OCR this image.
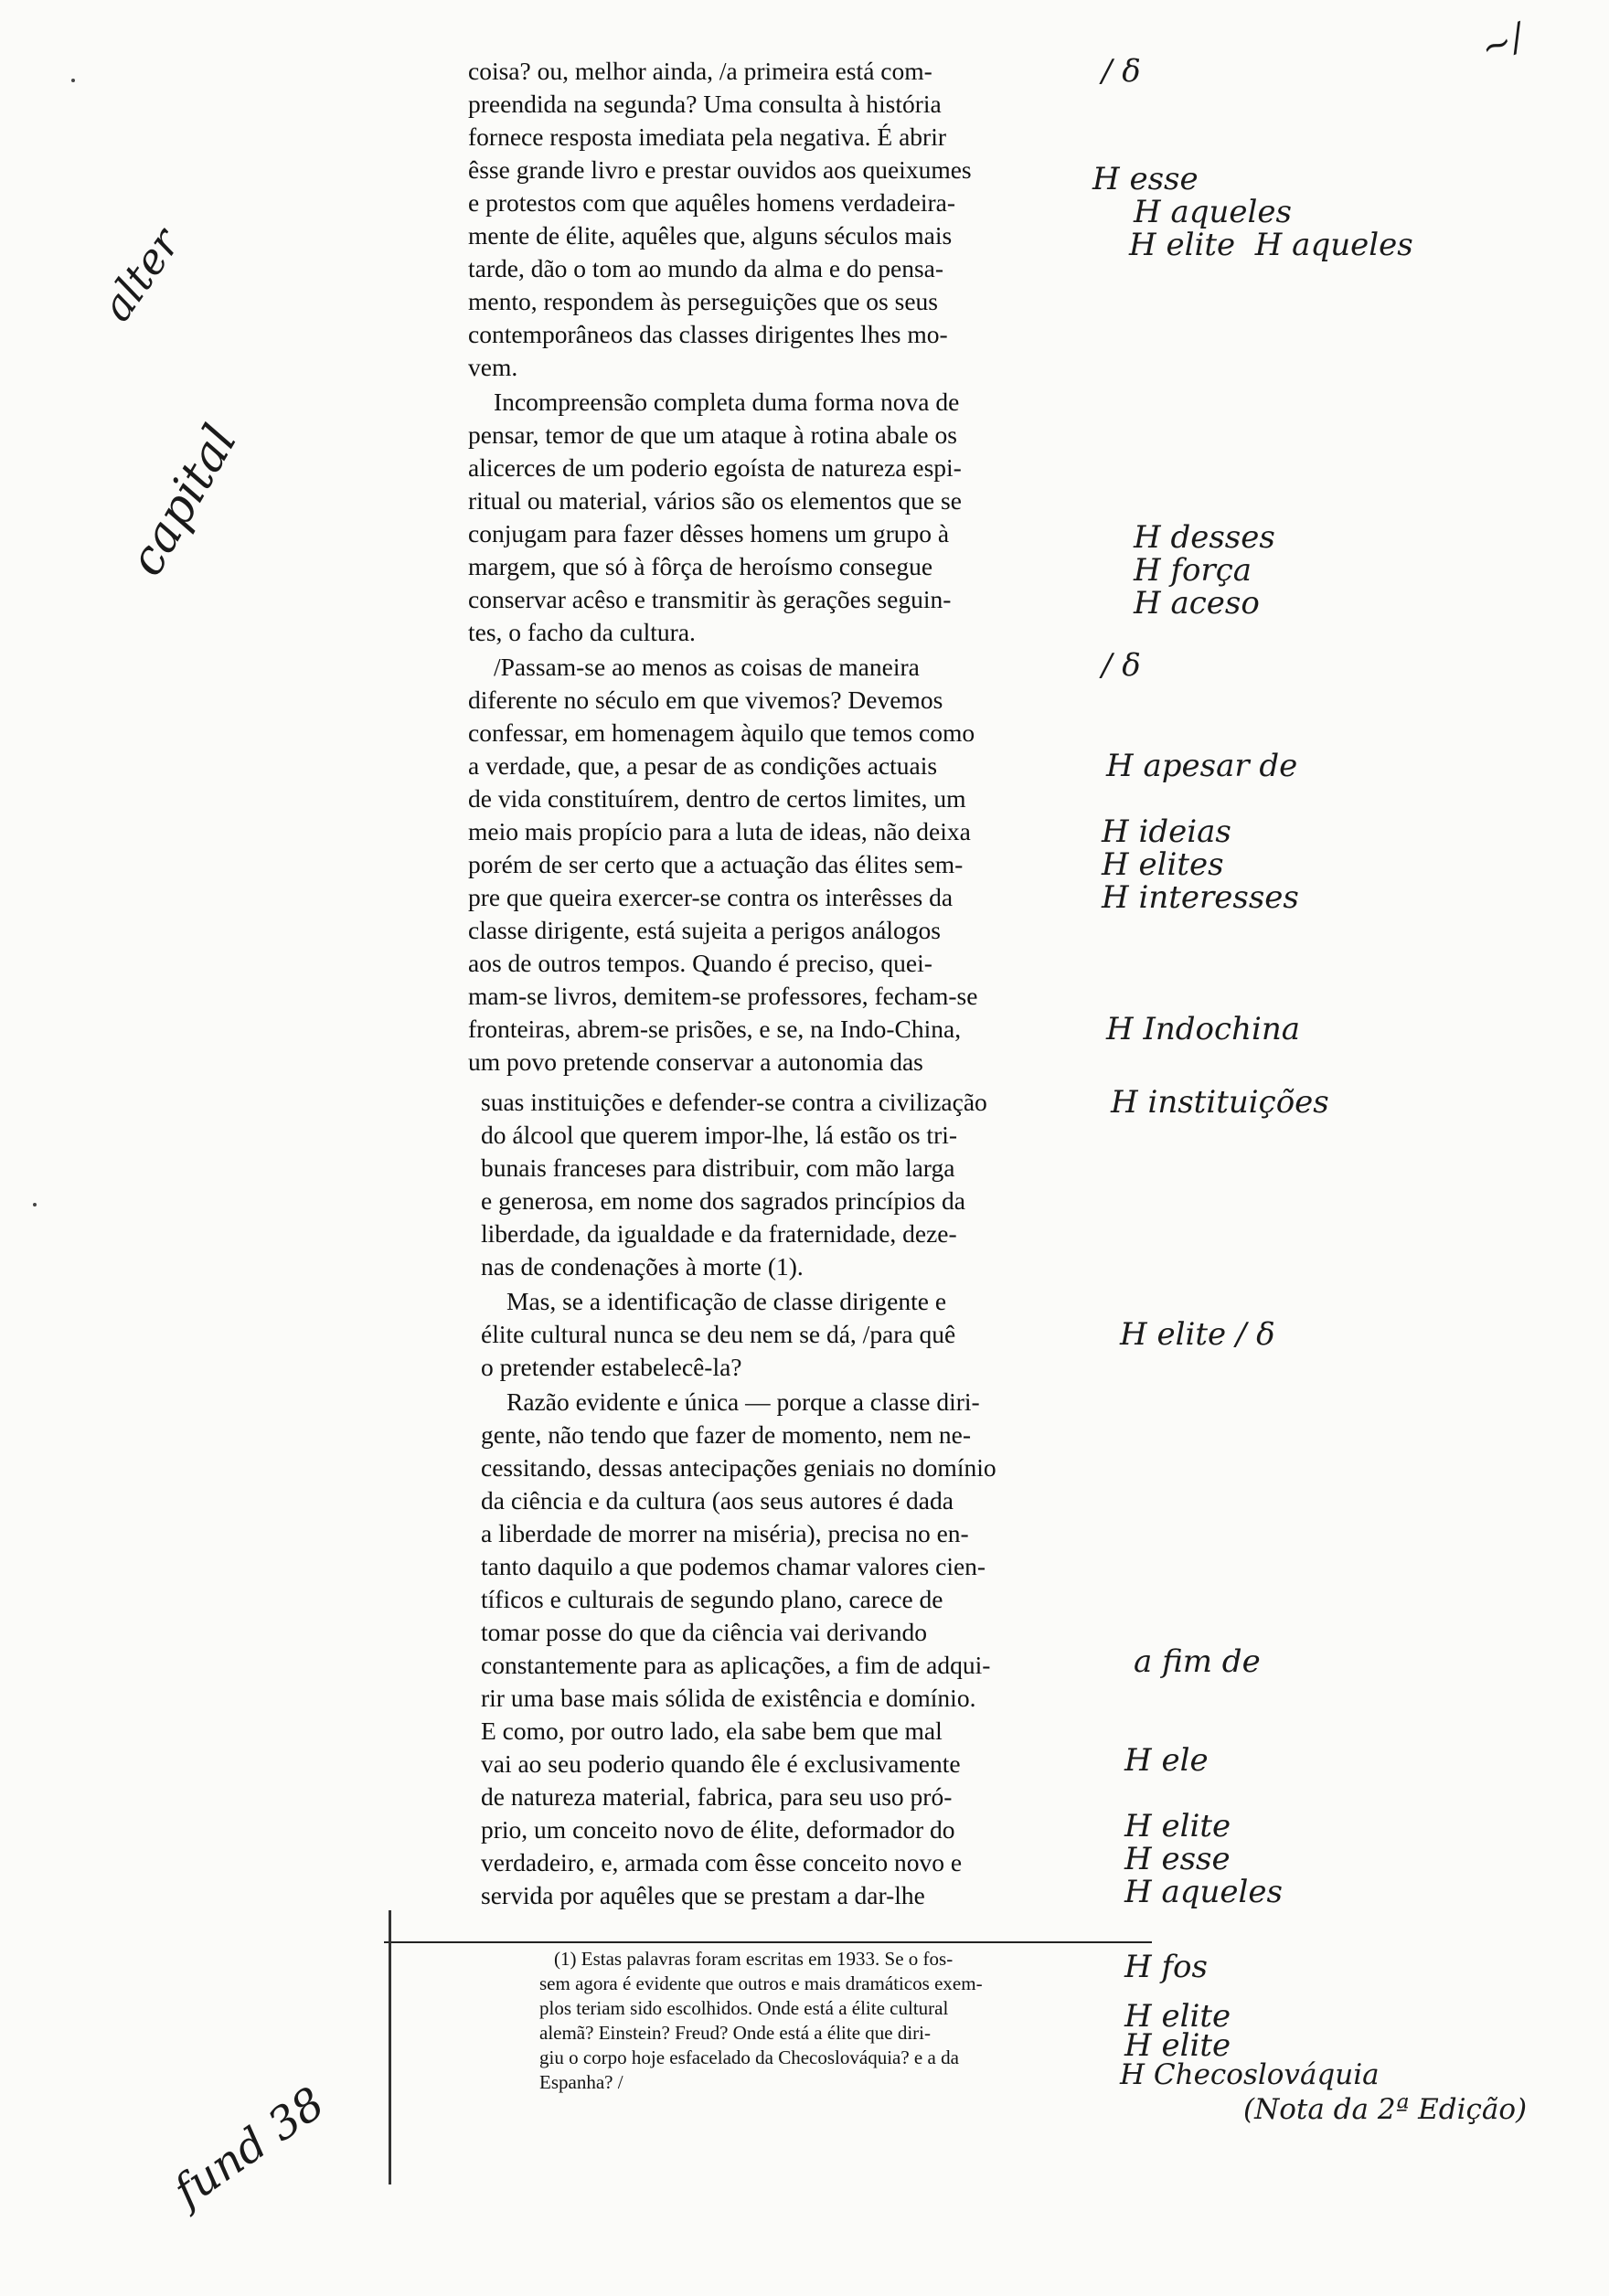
coisa? ou, melhor ainda, /a primeira está com-
preendida na segunda? Uma consulta à história
fornece resposta imediata pela negativa. É abrir
êsse grande livro e prestar ouvidos aos queixumes
e protestos com que aquêles homens verdadeira-
mente de élite, aquêles que, alguns séculos mais
tarde, dão o tom ao mundo da alma e do pensa-
mento, respondem às perseguições que os seus
contemporâneos das classes dirigentes lhes mo-
vem.
Incompreensão completa duma forma nova de
pensar, temor de que um ataque à rotina abale os
alicerces de um poderio egoísta de natureza espi-
ritual ou material, vários são os elementos que se
conjugam para fazer dêsses homens um grupo à
margem, que só à fôrça de heroísmo consegue
conservar acêso e transmitir às gerações seguin-
tes, o facho da cultura.
/Passam-se ao menos as coisas de maneira
diferente no século em que vivemos? Devemos
confessar, em homenagem àquilo que temos como
a verdade, que, a pesar de as condições actuais
de vida constituírem, dentro de certos limites, um
meio mais propício para a luta de ideas, não deixa
porém de ser certo que a actuação das élites sem-
pre que queira exercer-se contra os interêsses da
classe dirigente, está sujeita a perigos análogos
aos de outros tempos. Quando é preciso, quei-
mam-se livros, demitem-se professores, fecham-se
fronteiras, abrem-se prisões, e se, na Indo-China,
um povo pretende conservar a autonomia das
suas instituições e defender-se contra a civilização
do álcool que querem impor-lhe, lá estão os tri-
bunais franceses para distribuir, com mão larga
e generosa, em nome dos sagrados princípios da
liberdade, da igualdade e da fraternidade, deze-
nas de condenações à morte (1).
Mas, se a identificação de classe dirigente e
élite cultural nunca se deu nem se dá, /para quê
o pretender estabelecê-la?
Razão evidente e única — porque a classe diri-
gente, não tendo que fazer de momento, nem ne-
cessitando, dessas antecipações geniais no domínio
da ciência e da cultura (aos seus autores é dada
a liberdade de morrer na miséria), precisa no en-
tanto daquilo a que podemos chamar valores cien-
tíficos e culturais de segundo plano, carece de
tomar posse do que da ciência vai derivando
constantemente para as aplicações, a fim de adqui-
rir uma base mais sólida de existência e domínio.
E como, por outro lado, ela sabe bem que mal
vai ao seu poderio quando êle é exclusivamente
de natureza material, fabrica, para seu uso pró-
prio, um conceito novo de élite, deformador do
verdadeiro, e, armada com êsse conceito novo e
servida por aquêles que se prestam a dar-lhe
(1) Estas palavras foram escritas em 1933. Se o fos-
sem agora é evidente que outros e mais dramáticos exem-
plos teriam sido escolhidos. Onde está a élite cultural
alemã? Einstein? Freud? Onde está a élite que diri-
giu o corpo hoje esfacelado da Checoslováquia? e a da
Espanha? /
/ δ
H esse
H aqueles
H elite  H aqueles
H desses
H força
H aceso
/ δ
H apesar de
H ideias
H elites
H interesses
H Indochina
H instituições
H elite / δ
a fim de
H ele
H elite
H esse
H aqueles
H fos
H elite
H elite
H Checoslováquia
(Nota da 2ª Edição)
alter
capital
fund 38
~/
